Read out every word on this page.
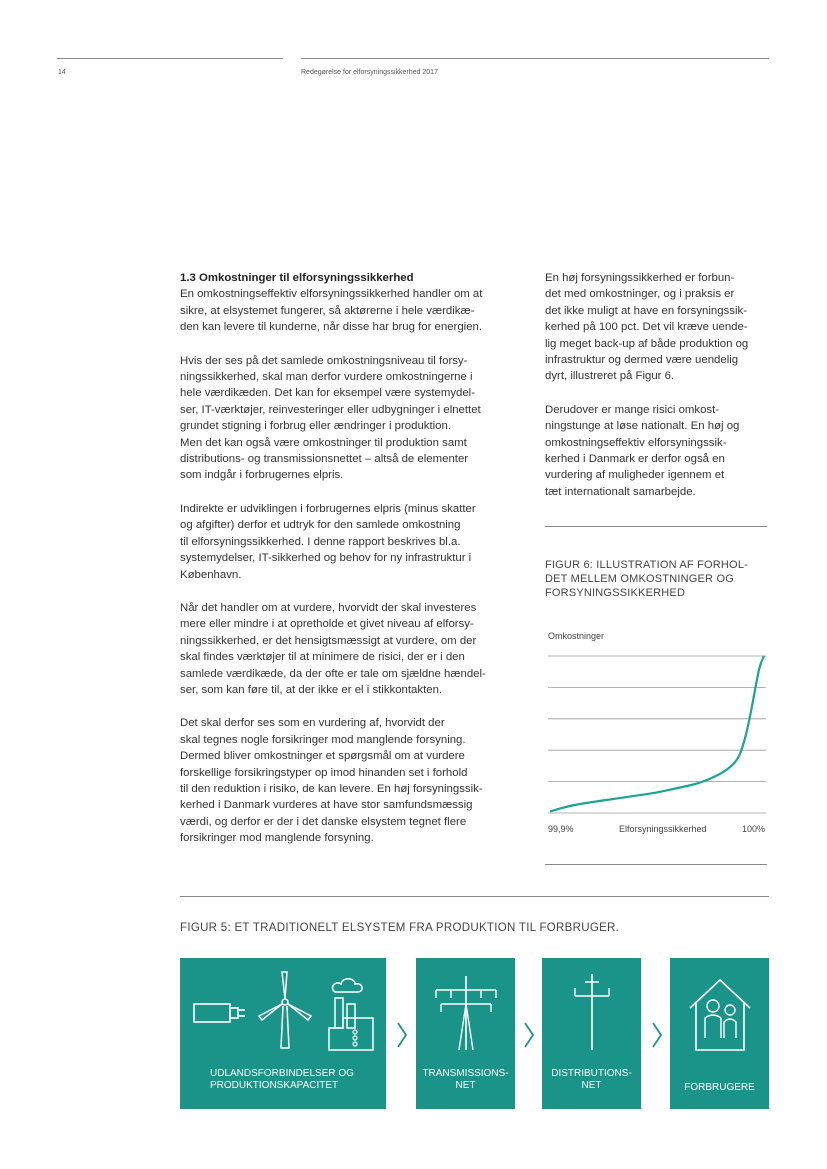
14	Redegørelse for elforsyningssikkerhed 2017
1.3 Omkostninger til elforsyningssikkerhed
En omkostningseffektiv elforsyningssikkerhed handler om at
sikre, at elsystemet fungerer, så aktørerne i hele værdikæ-
den kan levere til kunderne, når disse har brug for energien.
Hvis der ses på det samlede omkostningsniveau til forsy-
ningssikkerhed, skal man derfor vurdere omkostningerne i
hele værdikæden. Det kan for eksempel være systemydel-
ser, IT-værktøjer, reinvesteringer eller udbygninger i elnettet
grundet stigning i forbrug eller ændringer i produktion.
Men det kan også være omkostninger til produktion samt
distributions- og transmissionsnettet – altså de elementer
som indgår i forbrugernes elpris.
Indirekte er udviklingen i forbrugernes elpris (minus skatter
og afgifter) derfor et udtryk for den samlede omkostning
til elforsyningssikkerhed. I denne rapport beskrives bl.a.
systemydelser, IT-sikkerhed og behov for ny infrastruktur i
København.
Når det handler om at vurdere, hvorvidt der skal investeres
mere eller mindre i at opretholde et givet niveau af elforsy-
ningssikkerhed, er det hensigtsmæssigt at vurdere, om der
skal findes værktøjer til at minimere de risici, der er i den
samlede værdikæde, da der ofte er tale om sjældne hændel-
ser, som kan føre til, at der ikke er el i stikkontakten.
Det skal derfor ses som en vurdering af, hvorvidt der
skal tegnes nogle forsikringer mod manglende forsyning.
Dermed bliver omkostninger et spørgsmål om at vurdere
forskellige forsikringstyper op imod hinanden set i forhold
til den reduktion i risiko, de kan levere. En høj forsyningssik-
kerhed i Danmark vurderes at have stor samfundsmæssig
værdi, og derfor er der i det danske elsystem tegnet flere
forsikringer mod manglende forsyning.
En høj forsyningssikkerhed er forbun-
det med omkostninger, og i praksis er
det ikke muligt at have en forsyningssik-
kerhed på 100 pct. Det vil kræve uende-
lig meget back-up af både produktion og
infrastruktur og dermed være uendelig
dyrt, illustreret på Figur 6.
Derudover er mange risici omkost-
ningstunge at løse nationalt. En høj og
omkostningseffektiv elforsyningssik-
kerhed i Danmark er derfor også en
vurdering af muligheder igennem et
tæt internationalt samarbejde.
FIGUR 6: ILLUSTRATION AF FORHOL-
DET MELLEM OMKOSTNINGER OG
FORSYNINGSSIKKERHED
Omkostninger
99,9%	Elforsyningssikkerhed	100%
FIGUR 5: ET TRADITIONELT ELSYSTEM FRA PRODUKTION TIL FORBRUGER.
UDLANDSFORBINDELSER OG
PRODUKTIONSKAPACITET
TRANSMISSIONS-
NET
DISTRIBUTIONS-
NET	FORBRUGERE
